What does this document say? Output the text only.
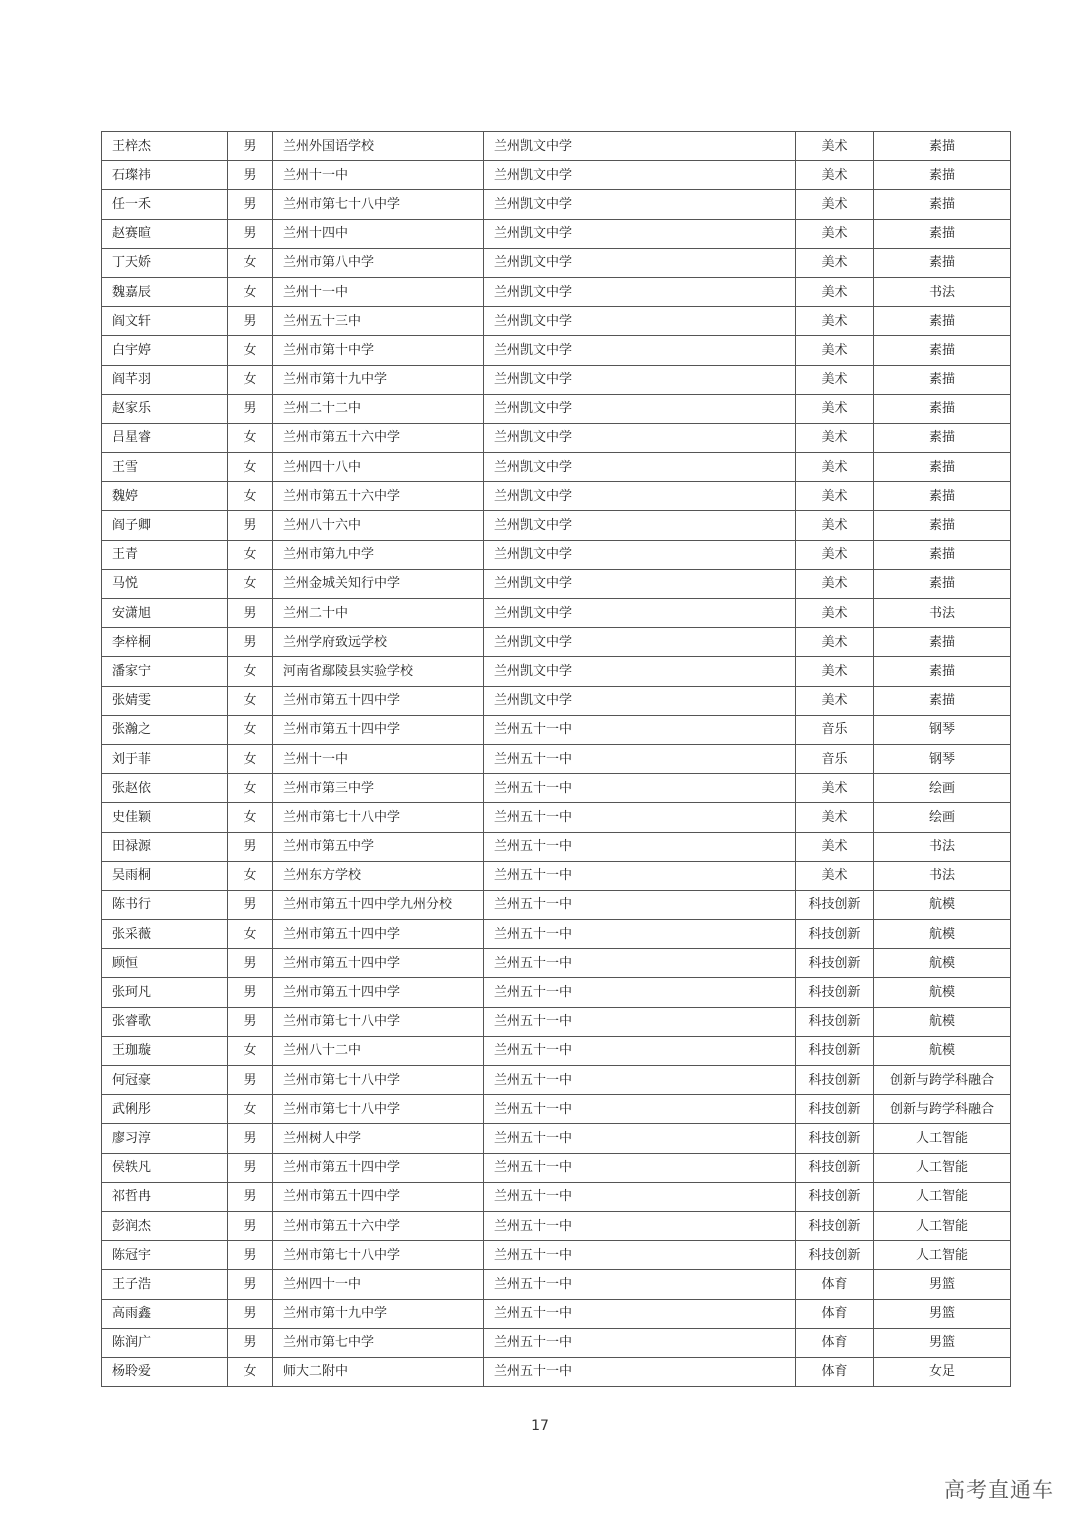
王梓杰	男	兰州外国语学校	兰州凯文中学	美术	素描
石璨祎	男	兰州十一中	兰州凯文中学	美术	素描
任一禾	男	兰州市第七十八中学	兰州凯文中学	美术	素描
赵赛暄	男	兰州十四中	兰州凯文中学	美术	素描
丁天娇	女	兰州市第八中学	兰州凯文中学	美术	素描
魏嘉辰	女	兰州十一中	兰州凯文中学	美术	书法
阎文轩	男	兰州五十三中	兰州凯文中学	美术	素描
白宇婷	女	兰州市第十中学	兰州凯文中学	美术	素描
阎芊羽	女	兰州市第十九中学	兰州凯文中学	美术	素描
赵家乐	男	兰州二十二中	兰州凯文中学	美术	素描
吕星睿	女	兰州市第五十六中学	兰州凯文中学	美术	素描
王雪	女	兰州四十八中	兰州凯文中学	美术	素描
魏婷	女	兰州市第五十六中学	兰州凯文中学	美术	素描
阎子卿	男	兰州八十六中	兰州凯文中学	美术	素描
王青	女	兰州市第九中学	兰州凯文中学	美术	素描
马悦	女	兰州金城关知行中学	兰州凯文中学	美术	素描
安潇旭	男	兰州二十中	兰州凯文中学	美术	书法
李梓桐	男	兰州学府致远学校	兰州凯文中学	美术	素描
潘家宁	女	河南省鄢陵县实验学校	兰州凯文中学	美术	素描
张婧雯	女	兰州市第五十四中学	兰州凯文中学	美术	素描
张瀚之	女	兰州市第五十四中学	兰州五十一中	音乐	钢琴
刘于菲	女	兰州十一中	兰州五十一中	音乐	钢琴
张赵依	女	兰州市第三中学	兰州五十一中	美术	绘画
史佳颖	女	兰州市第七十八中学	兰州五十一中	美术	绘画
田禄源	男	兰州市第五中学	兰州五十一中	美术	书法
吴雨桐	女	兰州东方学校	兰州五十一中	美术	书法
陈书行	男	兰州市第五十四中学九州分校	兰州五十一中	科技创新	航模
张采薇	女	兰州市第五十四中学	兰州五十一中	科技创新	航模
顾恒	男	兰州市第五十四中学	兰州五十一中	科技创新	航模
张珂凡	男	兰州市第五十四中学	兰州五十一中	科技创新	航模
张睿歌	男	兰州市第七十八中学	兰州五十一中	科技创新	航模
王珈璇	女	兰州八十二中	兰州五十一中	科技创新	航模
何冠豪	男	兰州市第七十八中学	兰州五十一中	科技创新	创新与跨学科融合
武俐彤	女	兰州市第七十八中学	兰州五十一中	科技创新	创新与跨学科融合
廖习淳	男	兰州树人中学	兰州五十一中	科技创新	人工智能
侯轶凡	男	兰州市第五十四中学	兰州五十一中	科技创新	人工智能
祁哲冉	男	兰州市第五十四中学	兰州五十一中	科技创新	人工智能
彭润杰	男	兰州市第五十六中学	兰州五十一中	科技创新	人工智能
陈冠宇	男	兰州市第七十八中学	兰州五十一中	科技创新	人工智能
王子浩	男	兰州四十一中	兰州五十一中	体育	男篮
高雨鑫	男	兰州市第十九中学	兰州五十一中	体育	男篮
陈润广	男	兰州市第七中学	兰州五十一中	体育	男篮
杨聆爱	女	师大二附中	兰州五十一中	体育	女足
17
高考直通车
